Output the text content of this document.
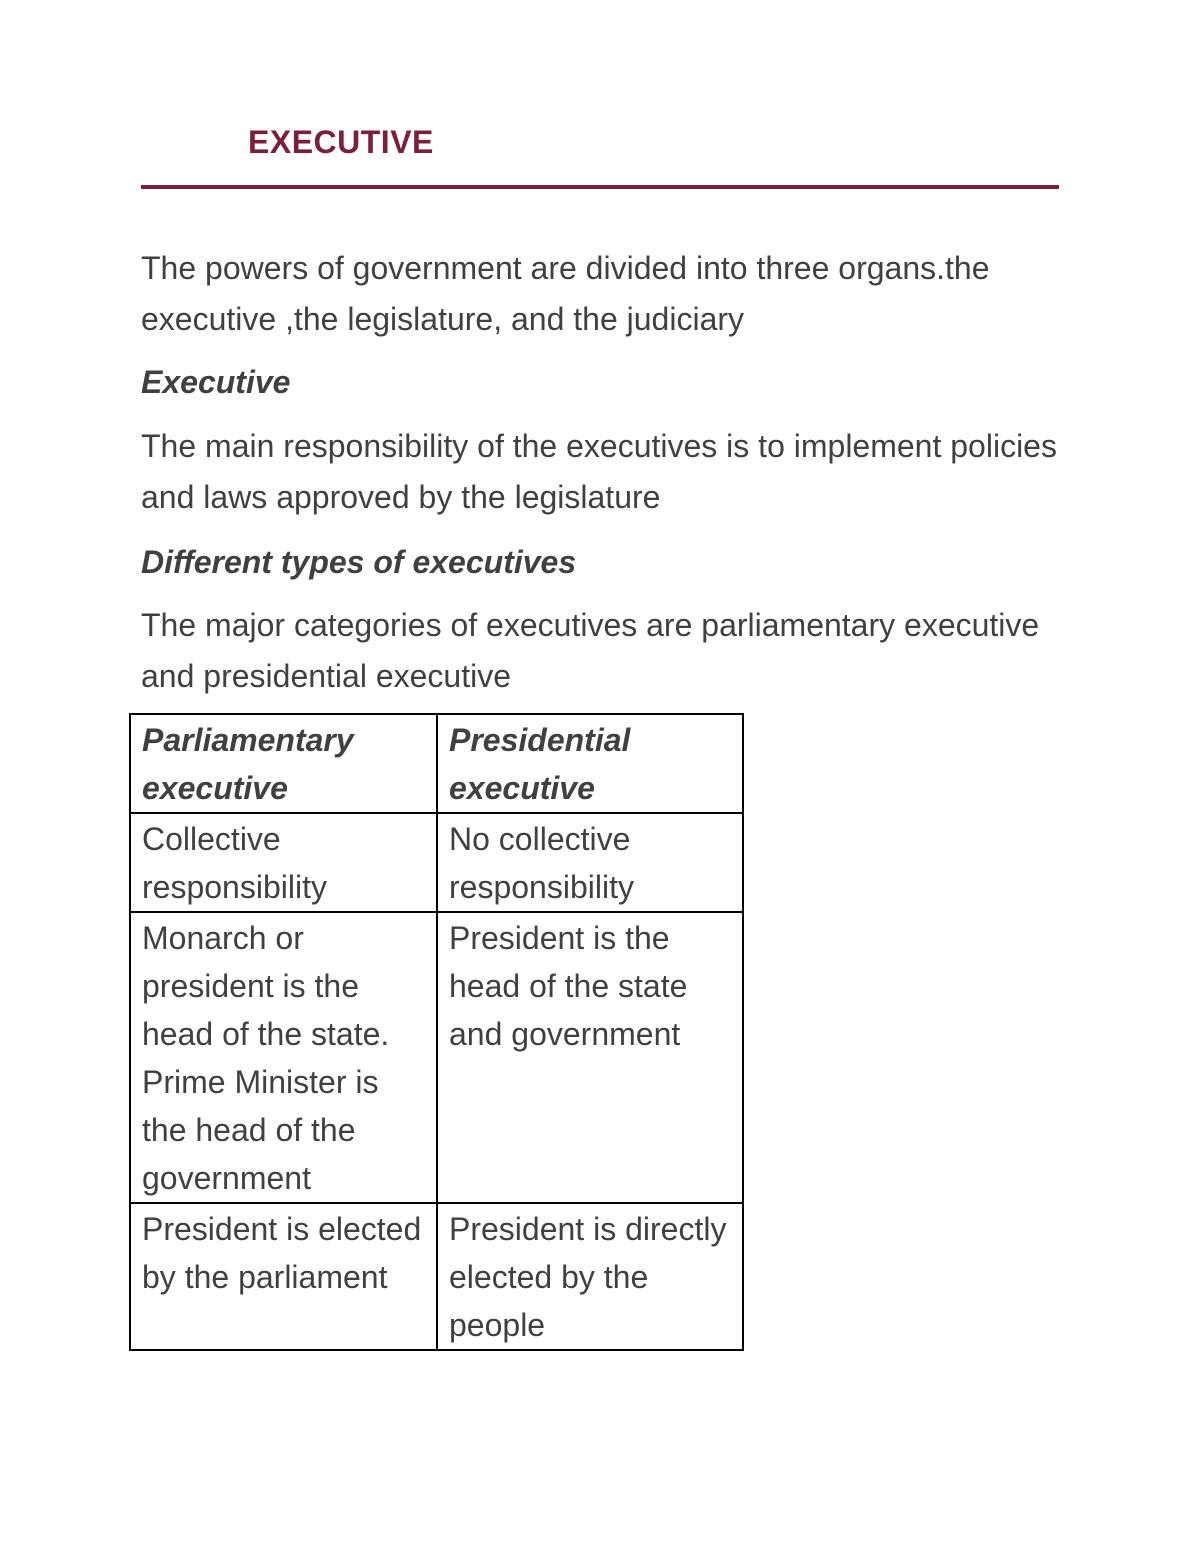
EXECUTIVE
The powers of government are divided into three organs.the executive ,the legislature, and the judiciary
Executive
The main responsibility of the executives is to implement policies and laws approved by the legislature
Different types of executives
The major categories of executives are parliamentary executive and presidential executive
Parliamentary executive	Presidential executive
Collective responsibility	No collective responsibility
Monarch or president is the head of the state. Prime Minister is the head of the government	President is the head of the state and government
President is elected by the parliament	President is directly elected by the people
